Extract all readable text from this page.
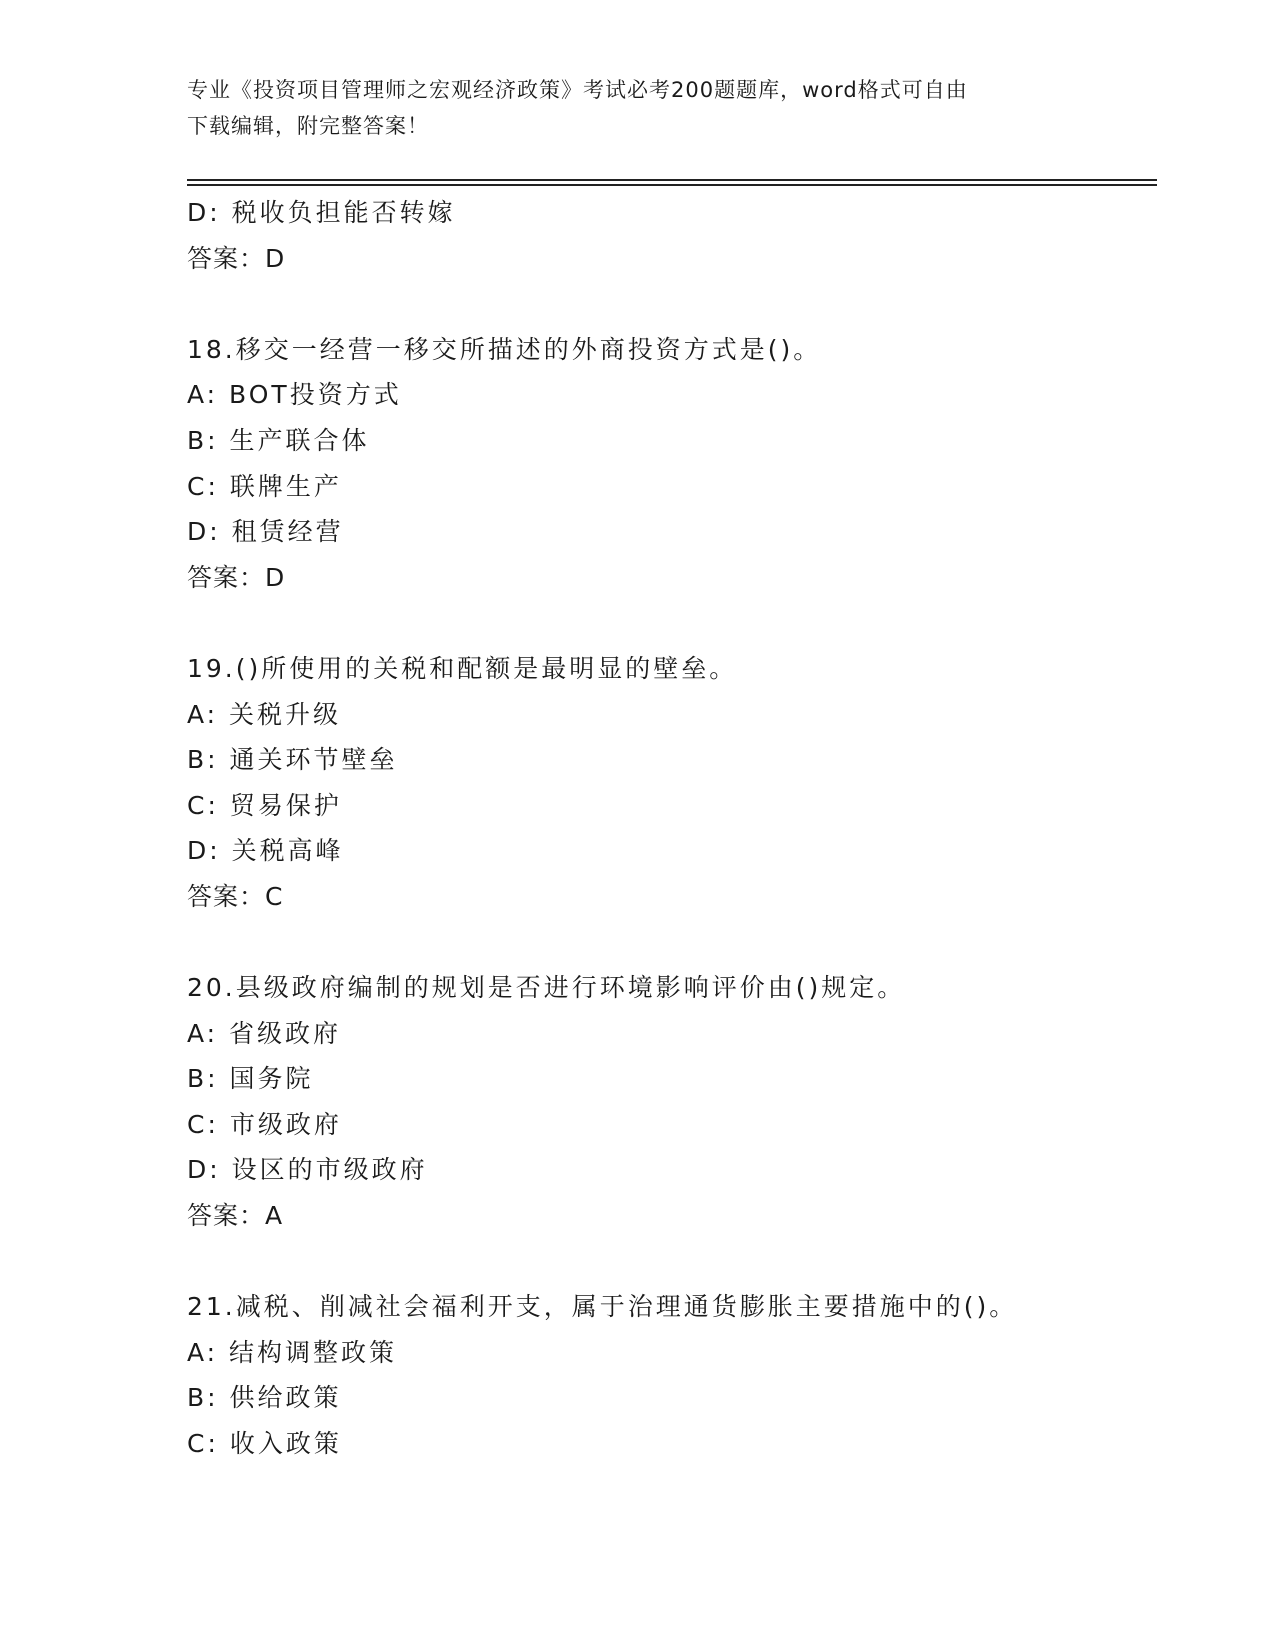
专业《投资项目管理师之宏观经济政策》考试必考200题题库，word格式可自由
下载编辑，附完整答案！
D: 税收负担能否转嫁
答案：D
18.移交一经营一移交所描述的外商投资方式是()。
A: BOT投资方式
B: 生产联合体
C: 联牌生产
D: 租赁经营
答案：D
19.()所使用的关税和配额是最明显的壁垒。
A: 关税升级
B: 通关环节壁垒
C: 贸易保护
D: 关税高峰
答案：C
20.县级政府编制的规划是否进行环境影响评价由()规定。
A: 省级政府
B: 国务院
C: 市级政府
D: 设区的市级政府
答案：A
21.减税、削减社会福利开支，属于治理通货膨胀主要措施中的()。
A: 结构调整政策
B: 供给政策
C: 收入政策
